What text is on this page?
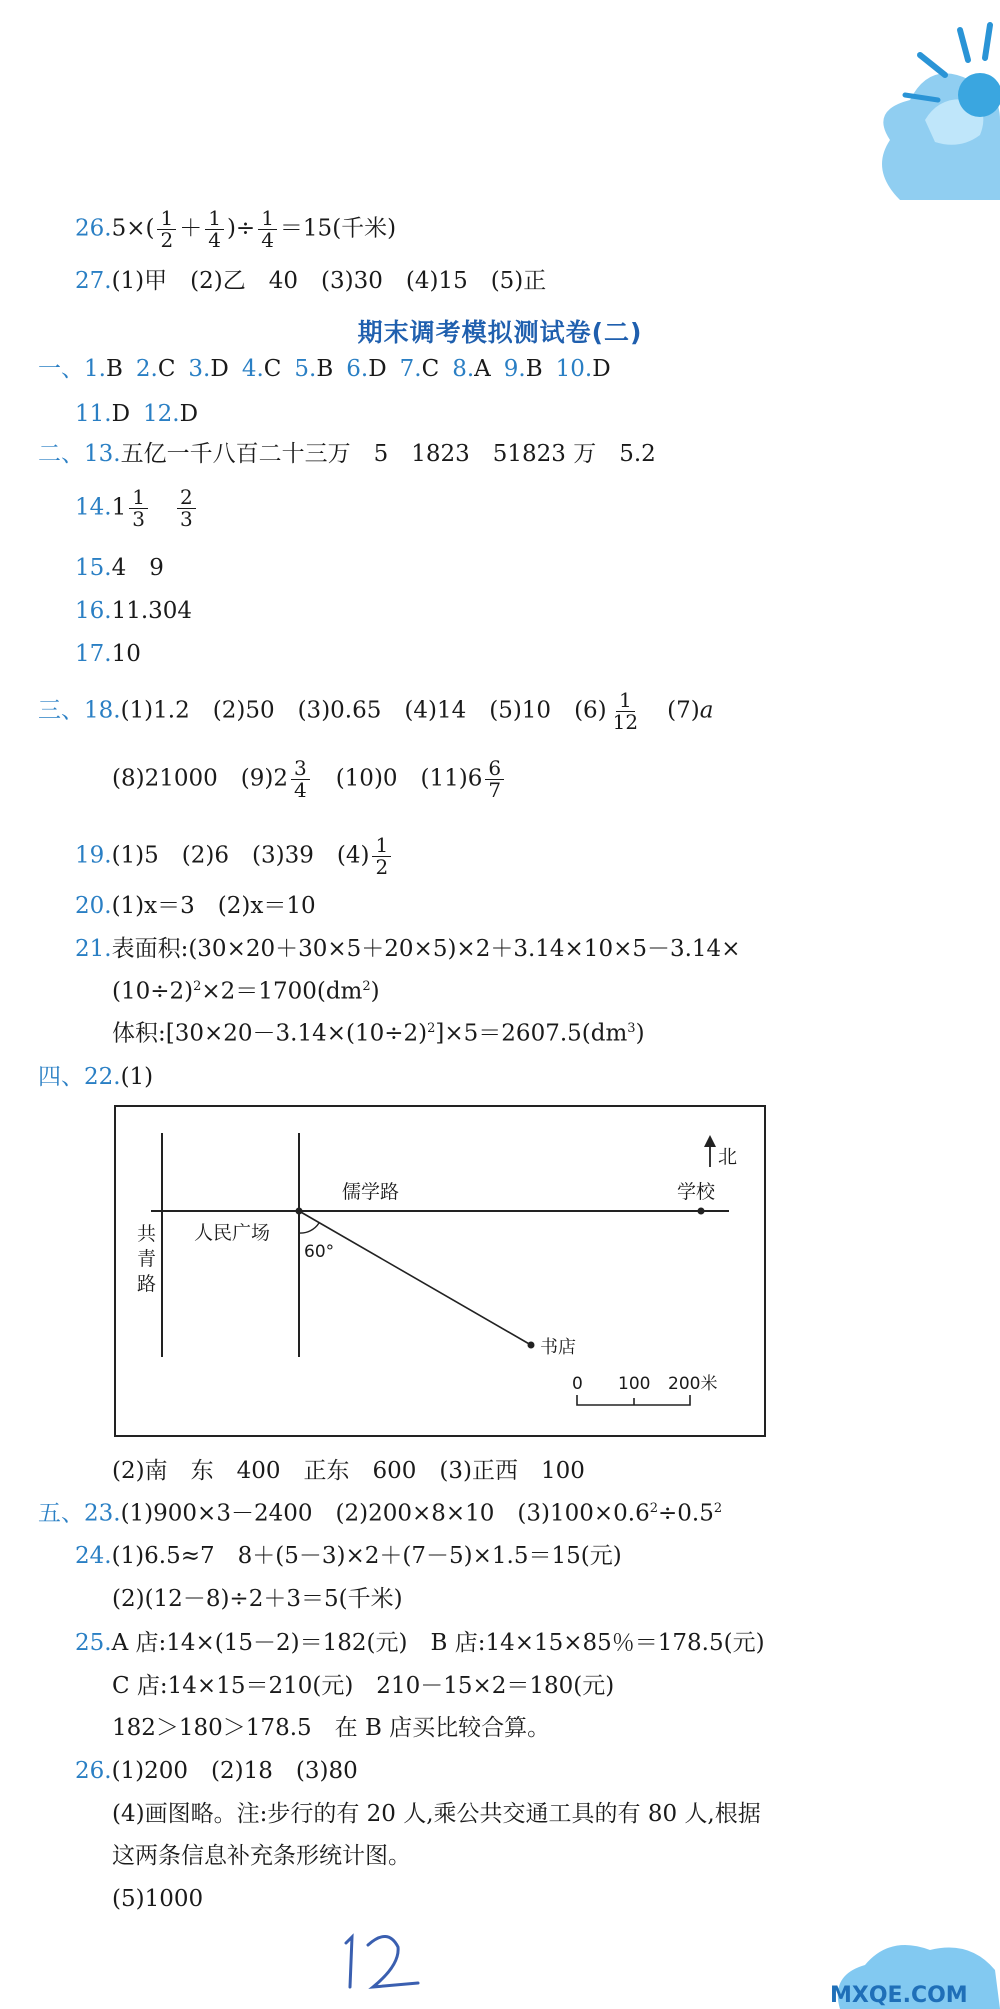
$26.5\times( \frac{1}{2} + \frac{1}{4}$ )÷ $\frac{1}{4} =15$(千米)
27.(1)甲　(2)乙　40　(3)30　(4)15　(5)正
期末调考模拟测试卷(二)
一、1.B 2.C 3.D 4.C 5.B 6.D 7.C 8.A 9.B 10.D
11.D 12.D
二、13.五亿一千八百二十三万　5　1823　51823 万　5.2
$14.1 \frac{1}{3}$
　 $\frac{2}{3}$
15.4　9
16.11.304
17.10
三、18.(1)1.2　(2)50　(3)0.65　(4)14　(5)10　$(6) \frac{1}{12}$ 　(7)a
(8)21000　$(9)2 \frac{3}{4}$ 　(10)0　$(11)6 \frac{6}{7}$
19.(1)5　(2)6　(3)39　$(4) \frac{1}{2}$
20.(1)x＝3　(2)x＝10
21.表面积:(30×20＋30×5＋20×5)×2＋3.14×10×5－3.14×
$(10\div 2)^2\times 2=1700(dm^2)$
体积$:[30\times 20-3.14\times(10\div 2)^2]\times 5=2607.5(dm^3)$
四、22.(1)
北
儒学路	学校
人民广场
60°
共
青
路
书店
0 100 200米
(2)南　东　400　正东　600　(3)正西　100
五、23.(1)900×3－2400　(2)200×8×10　$(3)100\times 0.6^2\div 0.5^2$
24.(1)6.5≈7　8＋(5－3)×2＋(7－5)×1.5＝15(元)
(2)(12－8)÷2＋3＝5(千米)
25.A 店:14×(15－2)＝182(元)　B 店:14×15×85％＝178.5(元)
C 店:14×15＝210(元)　210－15×2＝180(元)
182＞180＞178.5　在 B 店买比较合算。
26.(1)200　(2)18　(3)80
(4)画图略。注:步行的有 20 人,乘公共交通工具的有 80 人,根据
这两条信息补充条形统计图。
(5)1000
MXQE.COM
